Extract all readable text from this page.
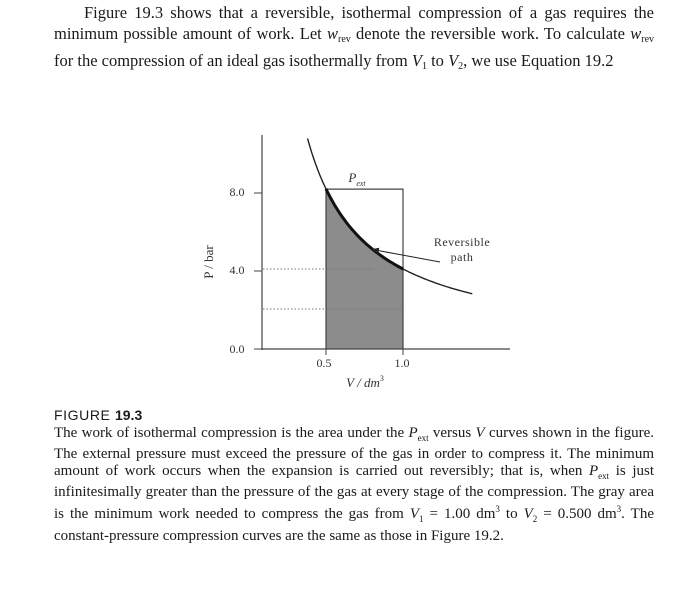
Figure 19.3 shows that a reversible, isothermal compression of a gas requires the minimum possible amount of work. Let $w_{rev}$ denote the reversible work. To calculate $w_{rev}$ for the compression of an ideal gas isothermally from $V_1$ to $V_2$, we use Equation 19.2

P / bar
8.0
4.0
0.0
0.5	1.0
V / $dm^3$
$P_{ext}$
Reversible
path
FIGURE 19.3

The work of isothermal compression is the area under the $P_{ext}$ versus V curves shown in the figure. The external pressure must exceed the pressure of the gas in order to compress it. The minimum amount of work occurs when the expansion is carried out reversibly; that is, when $P_{ext}$ is just infinitesimally greater than the pressure of the gas at every stage of the compression. The gray area is the minimum work needed to compress the gas from $V_1 = 1.00$ $dm^3$ to $V_2 = 0.500$ $dm^3$. The constant-pressure compression curves are the same as those in Figure 19.2.
